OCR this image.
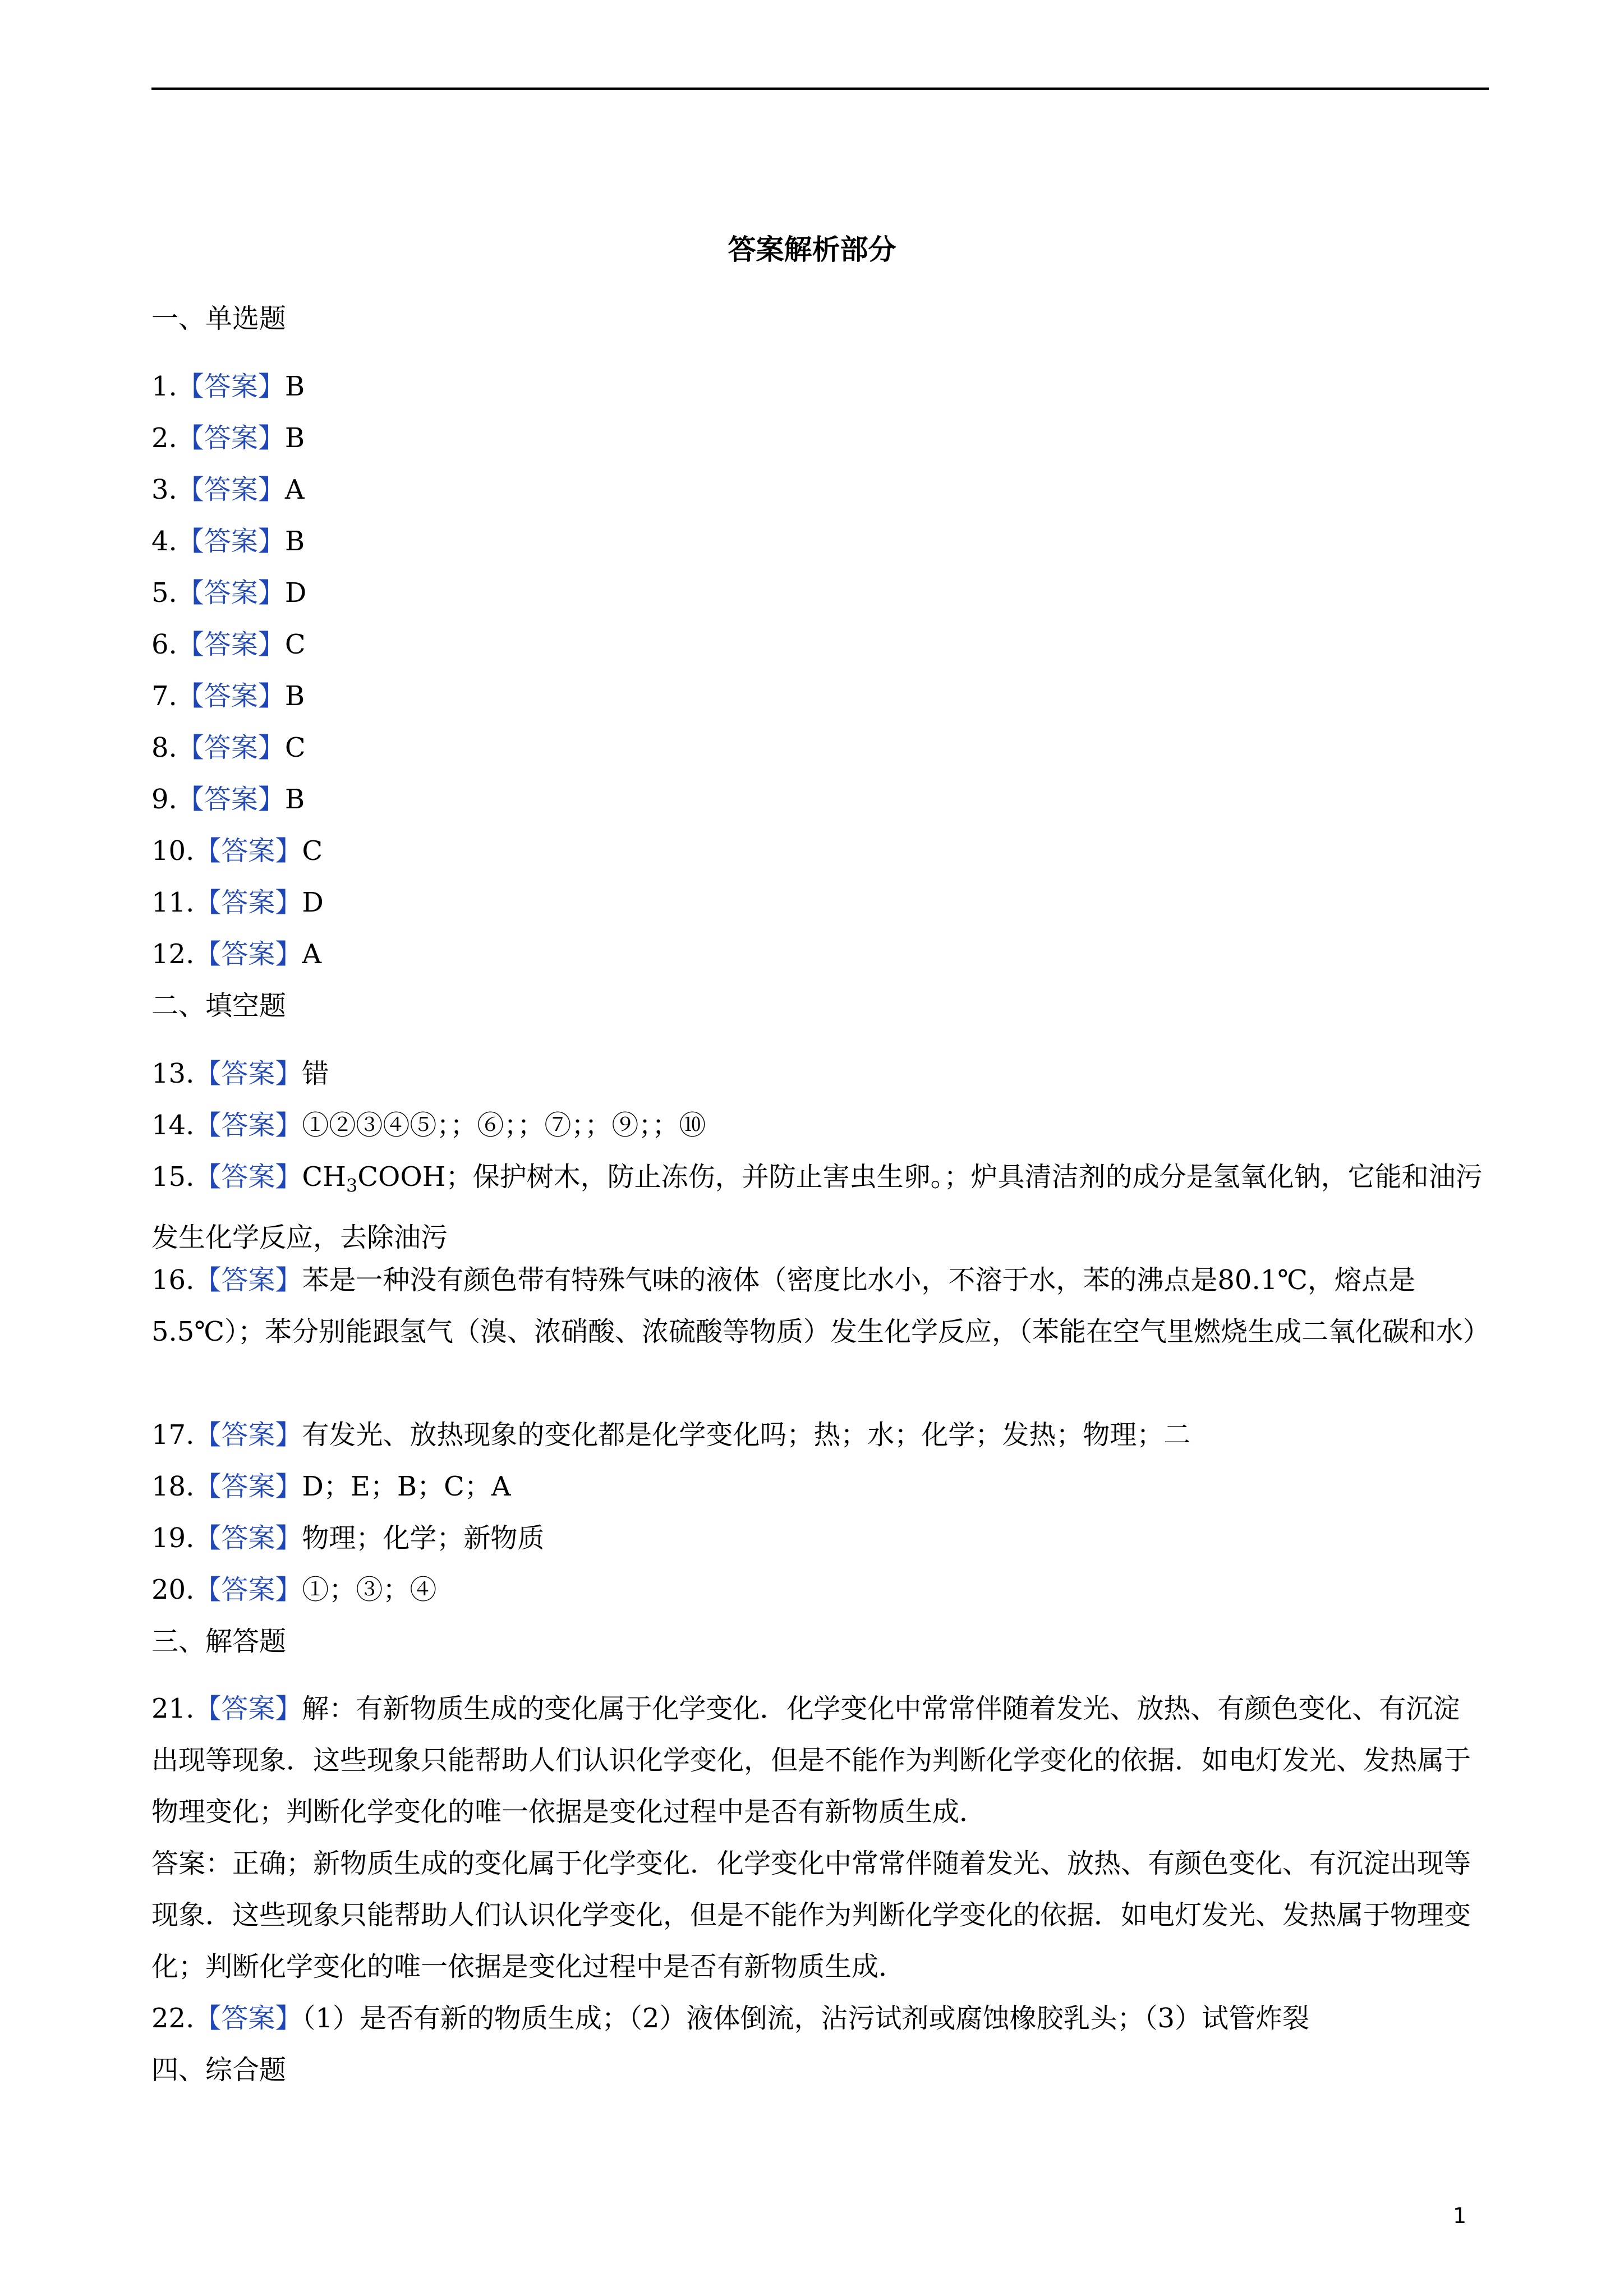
答案解析部分
一、单选题
1.【答案】B
2.【答案】B
3.【答案】A
4.【答案】B
5.【答案】D
6.【答案】C
7.【答案】B
8.【答案】C
9.【答案】B
10.【答案】C
11.【答案】D
12.【答案】A
二、填空题
13.【答案】错
14.【答案】①②③④⑤；；⑥；；⑦；；⑨；；⑩
15.【答案】$CH_3COOH$；保护树木，防止冻伤，并防止害虫生卵。；炉具清洁剂的成分是氢氧化钠，它能和油污发生化学反应，去除油污
16.【答案】苯是一种没有颜色带有特殊气味的液体（密度比水小，不溶于水，苯的沸点是80.1℃，熔点是5.5℃）；苯分别能跟氢气（溴、浓硝酸、浓硫酸等物质）发生化学反应，（苯能在空气里燃烧生成二氧化碳和水）
17.【答案】有发光、放热现象的变化都是化学变化吗；热；水；化学；发热；物理；二
18.【答案】D；E；B；C；A
19.【答案】物理；化学；新物质
20.【答案】①；③；④
三、解答题
21.【答案】解：有新物质生成的变化属于化学变化．化学变化中常常伴随着发光、放热、有颜色变化、有沉淀出现等现象．这些现象只能帮助人们认识化学变化，但是不能作为判断化学变化的依据．如电灯发光、发热属于物理变化；判断化学变化的唯一依据是变化过程中是否有新物质生成．
答案：正确；新物质生成的变化属于化学变化．化学变化中常常伴随着发光、放热、有颜色变化、有沉淀出现等现象．这些现象只能帮助人们认识化学变化，但是不能作为判断化学变化的依据．如电灯发光、发热属于物理变化；判断化学变化的唯一依据是变化过程中是否有新物质生成．
22.【答案】（1）是否有新的物质生成；（2）液体倒流，沾污试剂或腐蚀橡胶乳头；（3）试管炸裂
四、综合题
1
